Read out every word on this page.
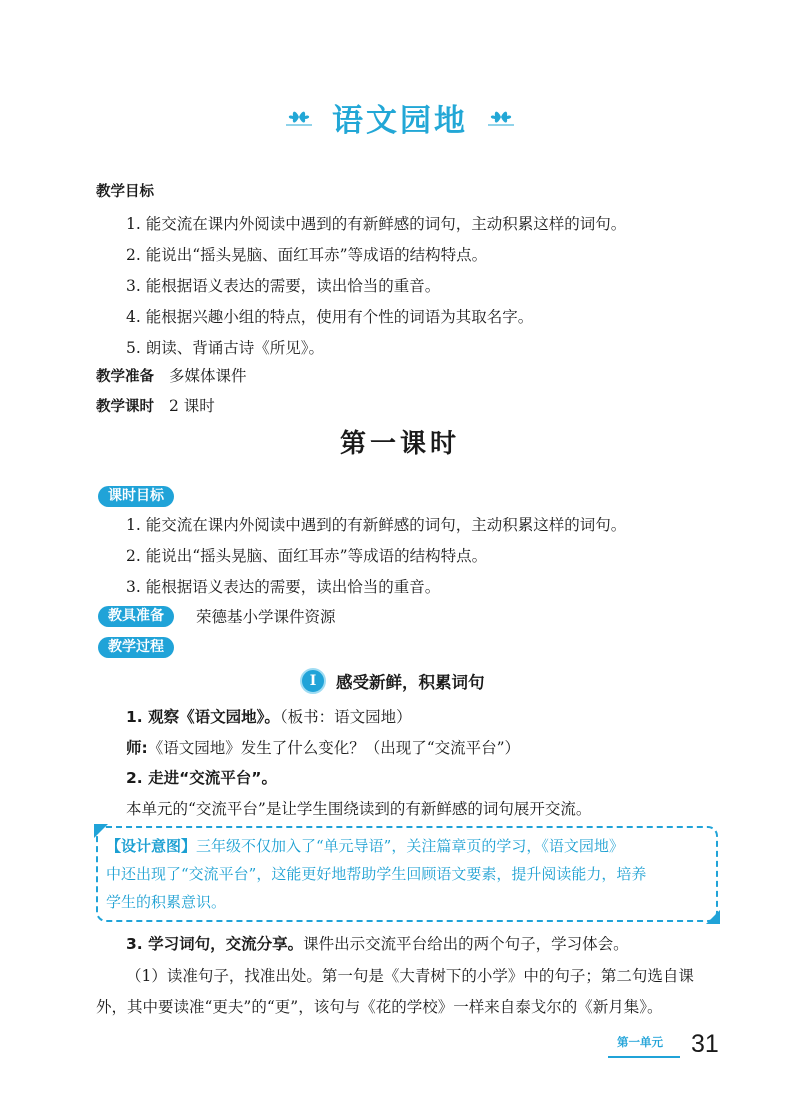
语文园地
教学目标
1. 能交流在课内外阅读中遇到的有新鲜感的词句，主动积累这样的词句。
2. 能说出“摇头晃脑、面红耳赤”等成语的结构特点。
3. 能根据语义表达的需要，读出恰当的重音。
4. 能根据兴趣小组的特点，使用有个性的词语为其取名字。
5. 朗读、背诵古诗《所见》。
教学准备 多媒体课件
教学课时 2 课时
第一课时
课时目标
1. 能交流在课内外阅读中遇到的有新鲜感的词句，主动积累这样的词句。
2. 能说出“摇头晃脑、面红耳赤”等成语的结构特点。
3. 能根据语义表达的需要，读出恰当的重音。
教具准备	荣德基小学课件资源
教学过程
I	感受新鲜，积累词句
1. 观察《语文园地》。（板书：语文园地）
师:《语文园地》发生了什么变化？（出现了“交流平台”）
2. 走进“交流平台”。
本单元的“交流平台”是让学生围绕读到的有新鲜感的词句展开交流。
【设计意图】三年级不仅加入了“单元导语”，关注篇章页的学习，《语文园地》
中还出现了“交流平台”，这能更好地帮助学生回顾语文要素，提升阅读能力，培养
学生的积累意识。
3. 学习词句，交流分享。课件出示交流平台给出的两个句子，学习体会。
（1）读准句子，找准出处。第一句是《大青树下的小学》中的句子；第二句选自课
外，其中要读准“更夫”的“更”，该句与《花的学校》一样来自泰戈尔的《新月集》。
第一单元 31
